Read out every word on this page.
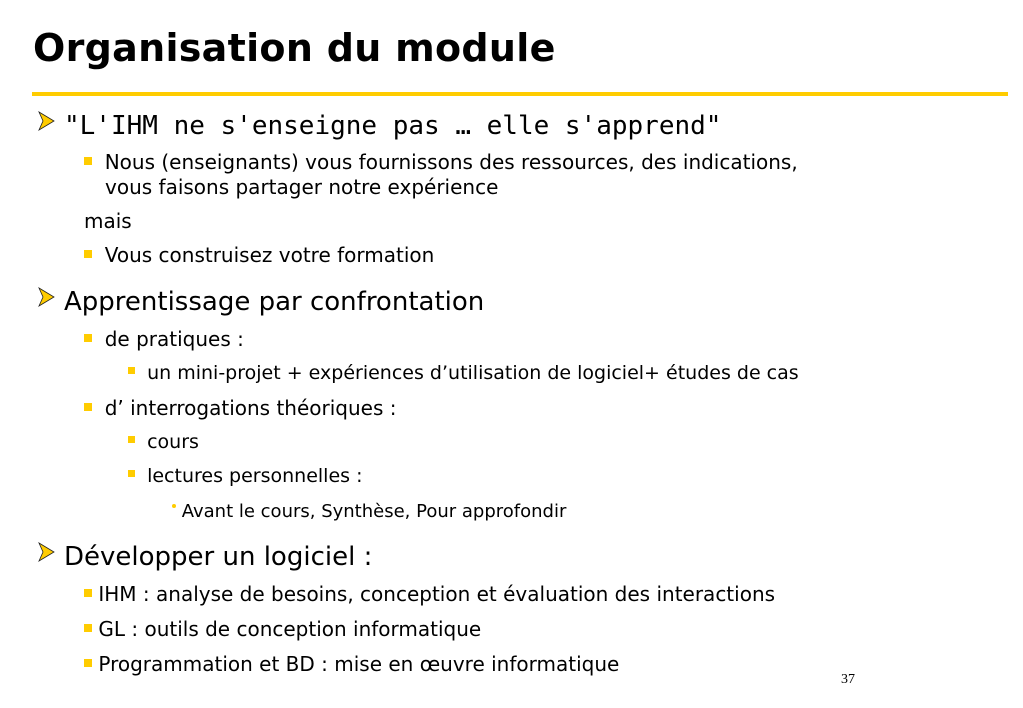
Organisation du module
"L'IHM ne s'enseigne pas … elle s'apprend"
Nous (enseignants) vous fournissons des ressources, des indications,
vous faisons partager notre expérience
mais
Vous construisez votre formation
Apprentissage par confrontation
de pratiques :
un mini-projet + expériences d’utilisation de logiciel+ études de cas
d’ interrogations théoriques :
cours
lectures personnelles :
Avant le cours, Synthèse, Pour approfondir
Développer un logiciel :
IHM : analyse de besoins, conception et évaluation des interactions
GL : outils de conception informatique
Programmation et BD : mise en œuvre informatique
37
